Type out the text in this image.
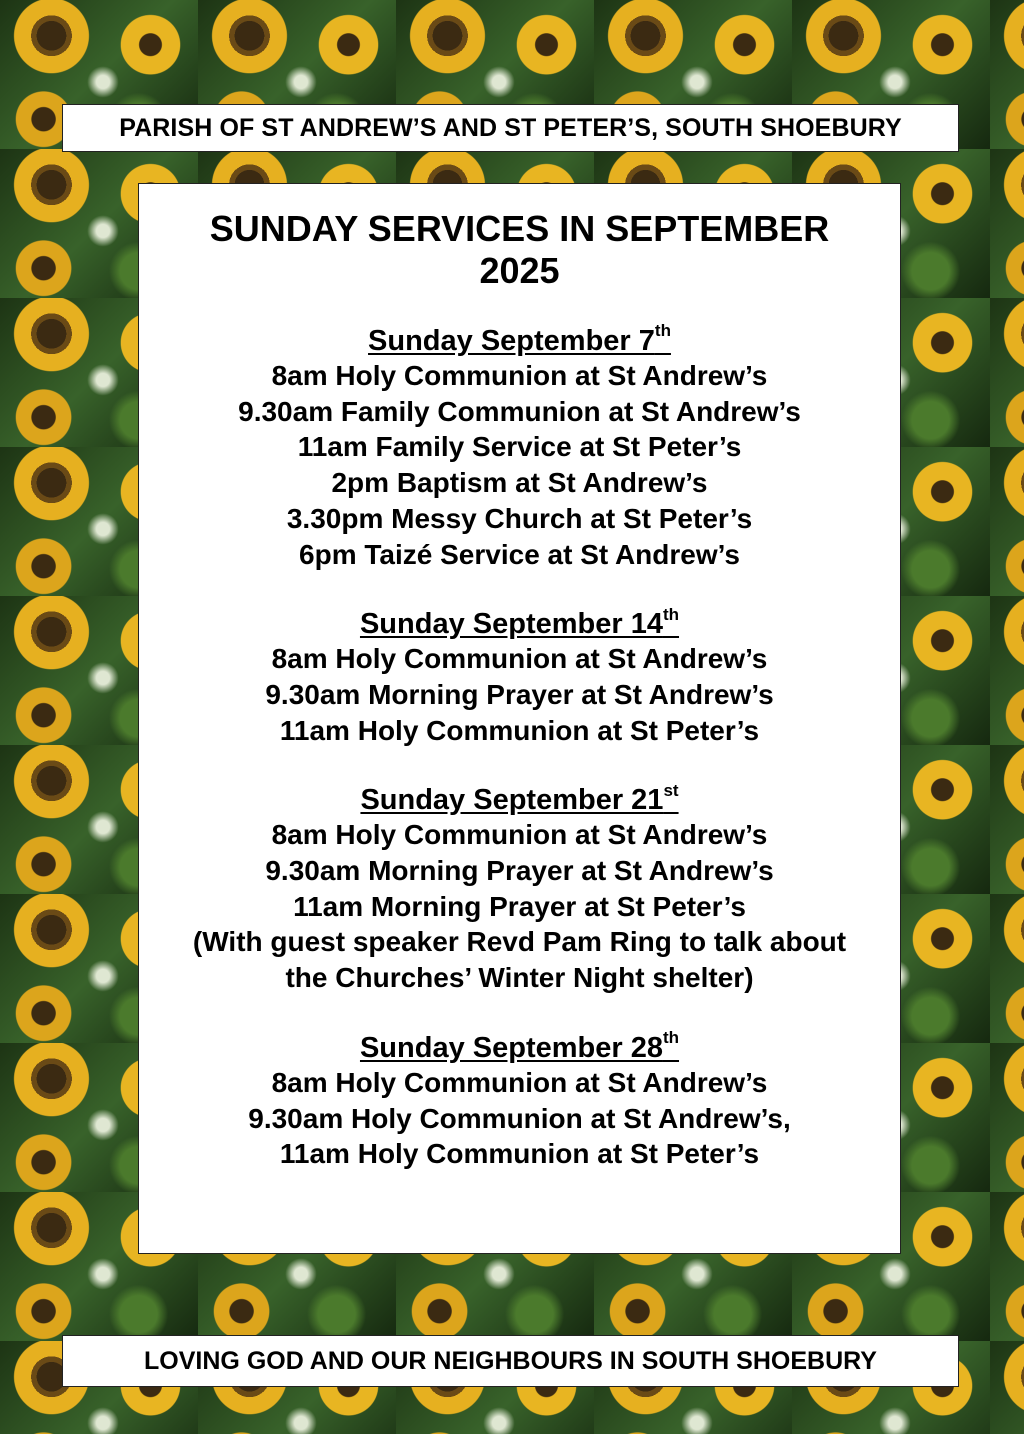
PARISH OF ST ANDREW’S AND ST PETER’S, SOUTH SHOEBURY
SUNDAY SERVICES IN SEPTEMBER
2025
Sunday September 7th
8am Holy Communion at St Andrew’s
9.30am Family Communion at St Andrew’s
11am Family Service at St Peter’s
2pm Baptism at St Andrew’s
3.30pm Messy Church at St Peter’s
6pm Taizé Service at St Andrew’s
Sunday September 14th
8am Holy Communion at St Andrew’s
9.30am Morning Prayer at St Andrew’s
11am Holy Communion at St Peter’s
Sunday September 21st
8am Holy Communion at St Andrew’s
9.30am Morning Prayer at St Andrew’s
11am Morning Prayer at St Peter’s
(With guest speaker Revd Pam Ring to talk about
the Churches’ Winter Night shelter)
Sunday September 28th
8am Holy Communion at St Andrew’s
9.30am Holy Communion at St Andrew’s,
11am Holy Communion at St Peter’s
LOVING GOD AND OUR NEIGHBOURS IN SOUTH SHOEBURY
